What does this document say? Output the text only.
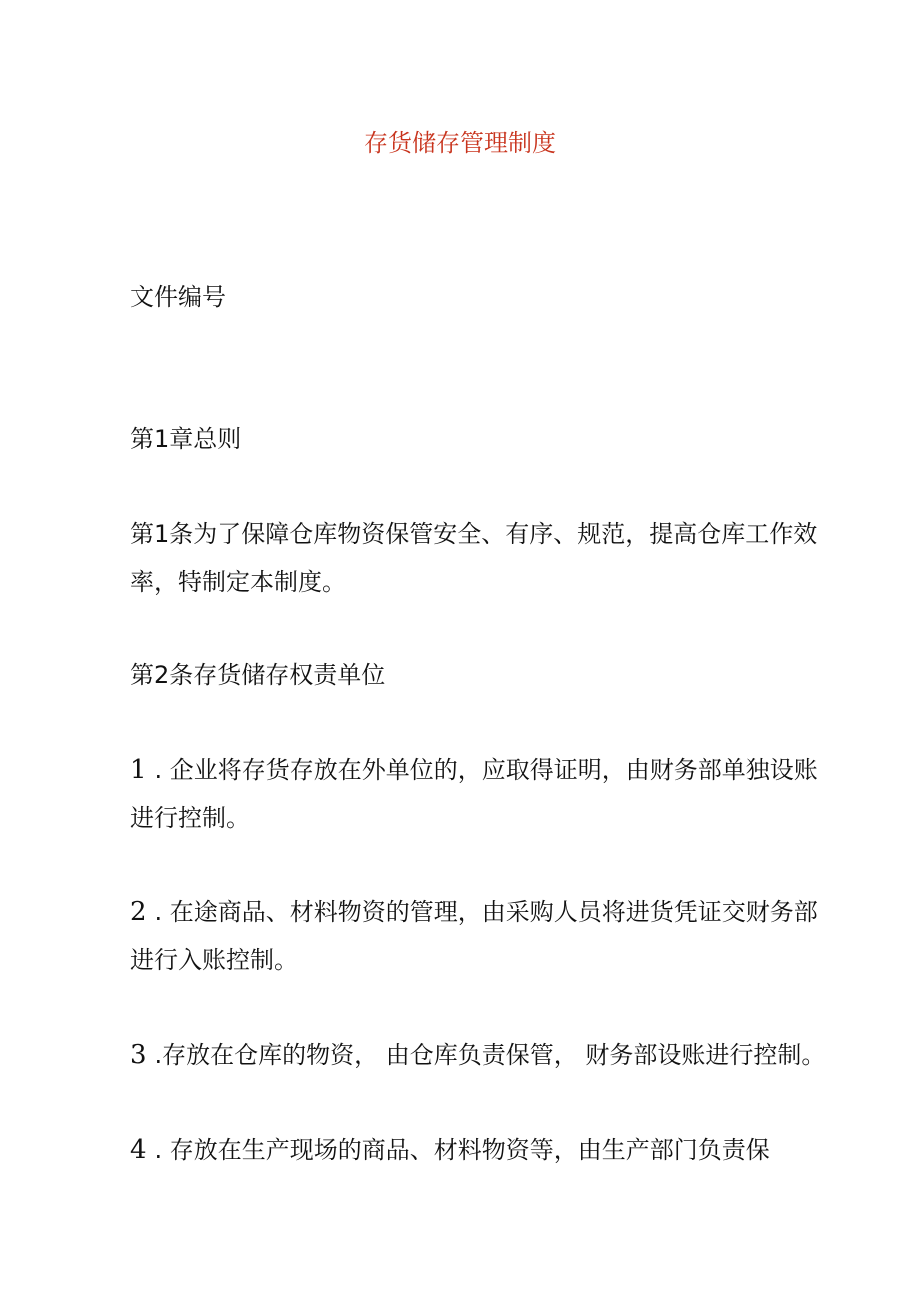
存货储存管理制度

文件编号

第1章总则

第1条为了保障仓库物资保管安全、有序、规范，提高仓库工作效
率，特制定本制度。

第2条存货储存权责单位

1 . 企业将存货存放在外单位的，应取得证明，由财务部单独设账
进行控制。

2 . 在途商品、材料物资的管理，由采购人员将进货凭证交财务部
进行入账控制。

3 .存放在仓库的物资， 由仓库负责保管， 财务部设账进行控制。

4 . 存放在生产现场的商品、材料物资等，由生产部门负责保
